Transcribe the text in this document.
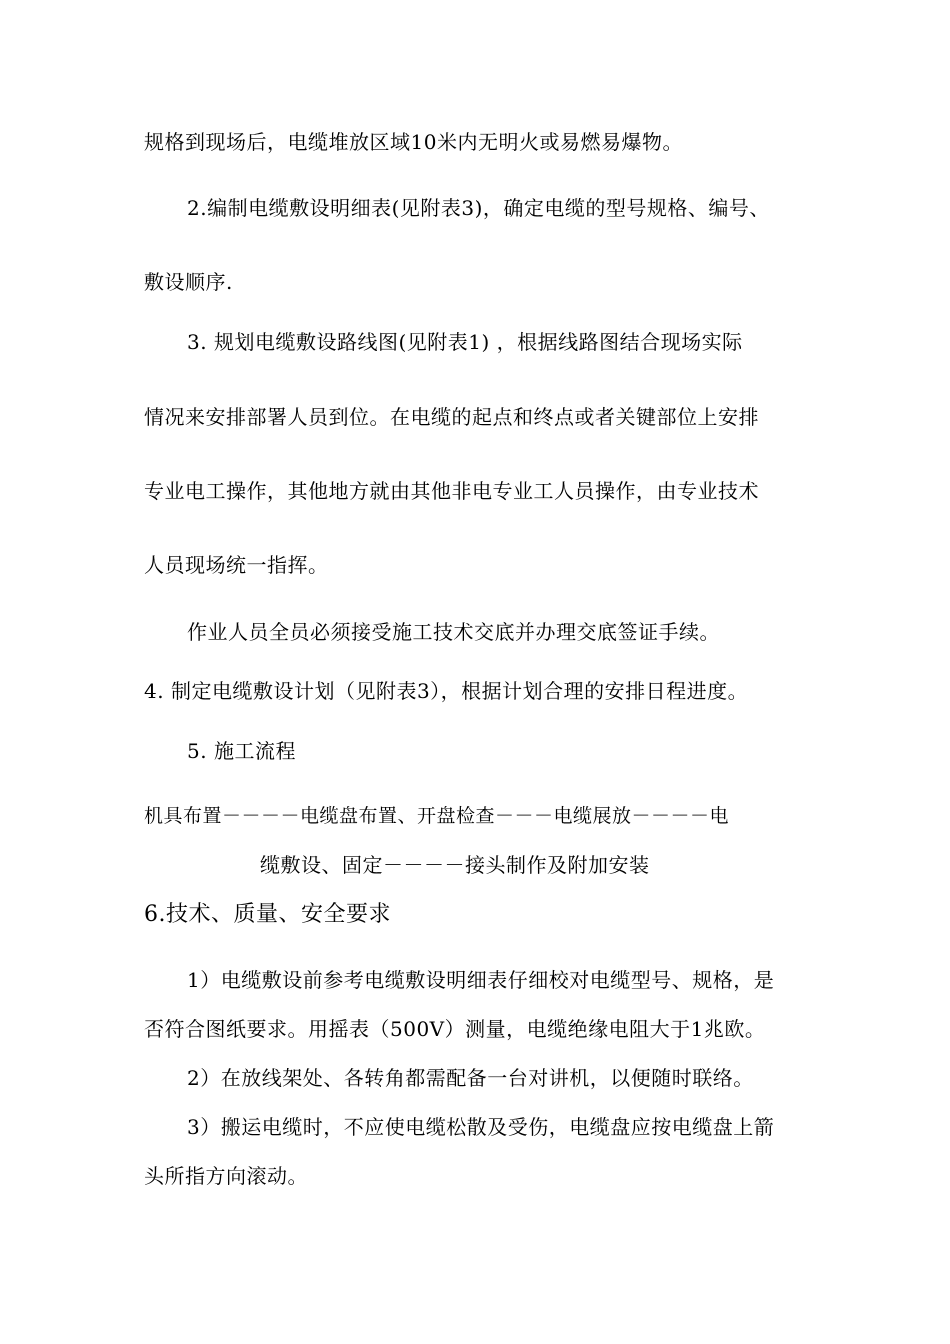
规格到现场后，电缆堆放区域10米内无明火或易燃易爆物。
2.编制电缆敷设明细表(见附表3)，确定电缆的型号规格、编号、
敷设顺序.
3. 规划电缆敷设路线图(见附表1) ，根据线路图结合现场实际
情况来安排部署人员到位。在电缆的起点和终点或者关键部位上安排
专业电工操作，其他地方就由其他非电专业工人员操作，由专业技术
人员现场统一指挥。
作业人员全员必须接受施工技术交底并办理交底签证手续。
4. 制定电缆敷设计划（见附表3），根据计划合理的安排日程进度。
5. 施工流程
机具布置－－－－电缆盘布置、开盘检查－－－电缆展放－－－－电
缆敷设、固定－－－－接头制作及附加安装
6.技术、质量、安全要求
1）电缆敷设前参考电缆敷设明细表仔细校对电缆型号、规格，是
否符合图纸要求。用摇表（500V）测量，电缆绝缘电阻大于1兆欧。
2）在放线架处、各转角都需配备一台对讲机，以便随时联络。
3）搬运电缆时，不应使电缆松散及受伤，电缆盘应按电缆盘上箭
头所指方向滚动。
